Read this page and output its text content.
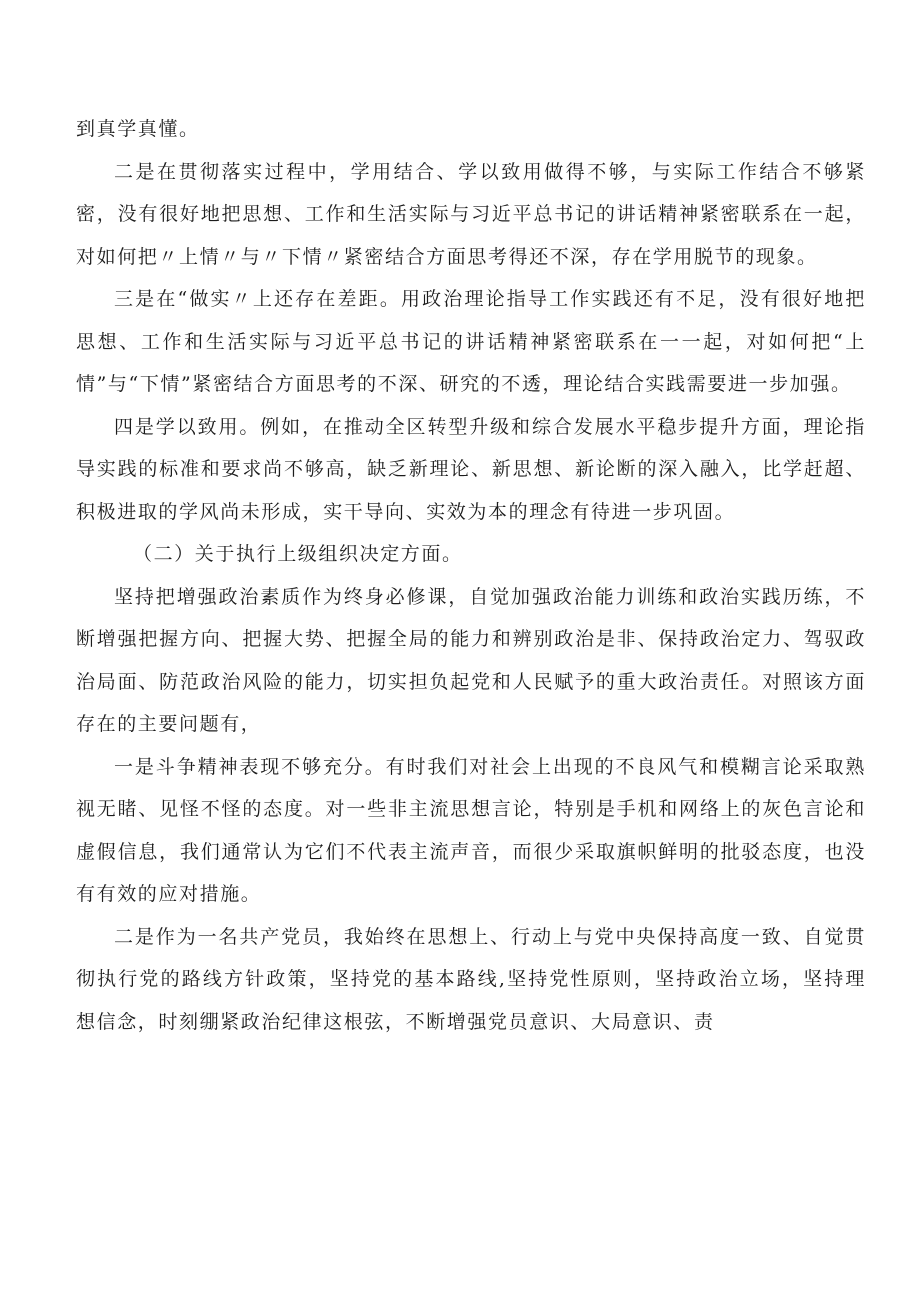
到真学真懂。

二是在贯彻落实过程中，学用结合、学以致用做得不够，与实际工作结合不够紧密，没有很好地把思想、工作和生活实际与习近平总书记的讲话精神紧密联系在一起，对如何把〃上情〃与〃下情〃紧密结合方面思考得还不深，存在学用脱节的现象。

三是在“做实〃上还存在差距。用政治理论指导工作实践还有不足，没有很好地把思想、工作和生活实际与习近平总书记的讲话精神紧密联系在一一起，对如何把“上情”与“下情”紧密结合方面思考的不深、研究的不透，理论结合实践需要进一步加强。

四是学以致用。例如，在推动全区转型升级和综合发展水平稳步提升方面，理论指导实践的标准和要求尚不够高，缺乏新理论、新思想、新论断的深入融入，比学赶超、积极进取的学风尚未形成，实干导向、实效为本的理念有待进一步巩固。

（二）关于执行上级组织决定方面。

坚持把增强政治素质作为终身必修课，自觉加强政治能力训练和政治实践历练，不断增强把握方向、把握大势、把握全局的能力和辨别政治是非、保持政治定力、驾驭政治局面、防范政治风险的能力，切实担负起党和人民赋予的重大政治责任。对照该方面存在的主要问题有，

一是斗争精神表现不够充分。有时我们对社会上出现的不良风气和模糊言论采取熟视无睹、见怪不怪的态度。对一些非主流思想言论，特别是手机和网络上的灰色言论和虚假信息，我们通常认为它们不代表主流声音，而很少采取旗帜鲜明的批驳态度，也没有有效的应对措施。

二是作为一名共产党员，我始终在思想上、行动上与党中央保持高度一致、自觉贯彻执行党的路线方针政策，坚持党的基本路线,坚持党性原则，坚持政治立场，坚持理想信念，时刻绷紧政治纪律这根弦，不断增强党员意识、大局意识、责
